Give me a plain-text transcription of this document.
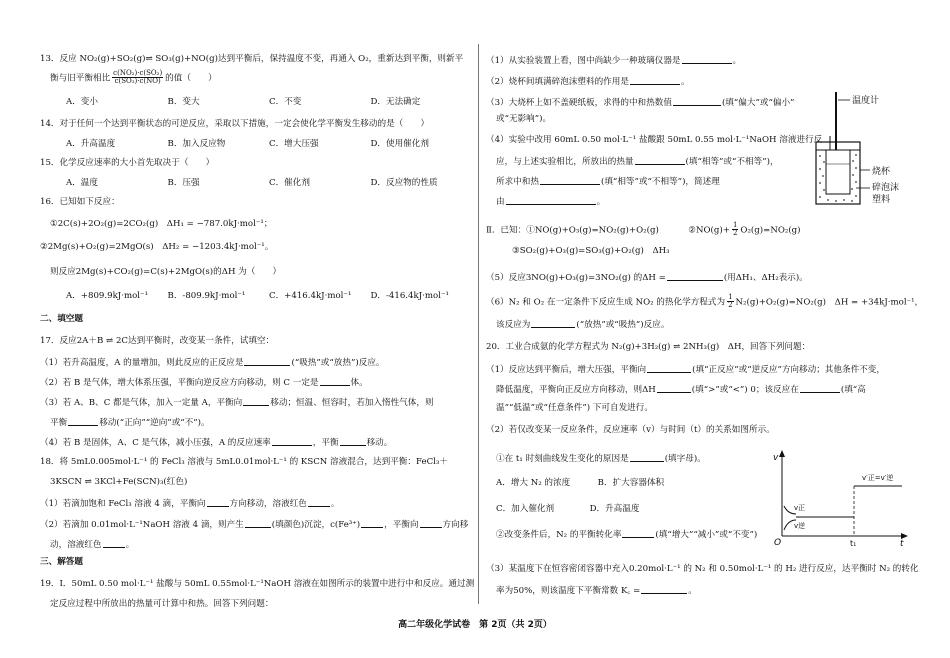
13．反应 NO₂(g)+SO₂(g)⇌ SO₃(g)+NO(g)达到平衡后，保持温度不变，再通入 O₂，重新达到平衡，则新平
衡与旧平衡相比 $\frac{\text{c(NO₂)·c(SO₂)}}{\text{c(SO₃)·c(NO)}}$ 的值（　　）
A．变小	B．变大	C．不变	D．无法确定
14．对于任何一个达到平衡状态的可逆反应，采取以下措施，一定会使化学平衡发生移动的是（　　）
A．升高温度	B．加入反应物	C．增大压强	D．使用催化剂
15．化学反应速率的大小首先取决于（　　）
A．温度	B．压强	C．催化剂	D．反应物的性质
16．已知如下反应：
①2C(s)+2O₂(g)=2CO₂(g)　ΔH₁ = −787.0kJ·mol⁻¹；
②2Mg(s)+O₂(g)=2MgO(s)　ΔH₂ = −1203.4kJ·mol⁻¹。
则反应2Mg(s)+CO₂(g)=C(s)+2MgO(s)的ΔH 为（　　）
A．+809.9kJ·mol⁻¹	B．-809.9kJ·mol⁻¹	C．+416.4kJ·mol⁻¹	D．-416.4kJ·mol⁻¹
二、填空题
17．反应2A＋B ⇌ 2C达到平衡时，改变某一条件，试填空：
（1）若升高温度，A 的量增加，则此反应的正反应是	(“吸热”或“放热”)反应。
（2）若 B 是气体，增大体系压强，平衡向逆反应方向移动，则 C 一定是	体。
（3）若 A、B、C 都是气体，加入一定量 A，平衡向	移动；恒温、恒容时，若加入惰性气体，则
平衡	移动(“正向”“逆向”或“不”)。
（4）若 B 是固体，A、C 是气体，减小压强，A 的反应速率	，平衡	移动。
18．将 5mL0.005mol·L⁻¹ 的 FeCl₃ 溶液与 5mL0.01mol·L⁻¹ 的 KSCN 溶液混合，达到平衡：FeCl₃＋
3KSCN ⇌ 3KCl+Fe(SCN)₃(红色)
（1）若滴加饱和 FeCl₃ 溶液 4 滴，平衡向	方向移动，溶液红色	。
（2）若滴加 0.01mol·L⁻¹NaOH 溶液 4 滴，则产生	(填颜色)沉淀，c(Fe³⁺)	，平衡向	方向移
动，溶液红色	。
三、解答题
19．I．50mL 0.50 mol·L⁻¹ 盐酸与 50mL 0.55mol·L⁻¹NaOH 溶液在如图所示的装置中进行中和反应。通过测
定反应过程中所放出的热量可计算中和热。回答下列问题：
（1）从实验装置上看，图中尚缺少一种玻璃仪器是	。
（2）烧杯间填满碎泡沫塑料的作用是	。
（3）大烧杯上如不盖硬纸板，求得的中和热数值	(填“偏大”或“偏小”
或“无影响”)。
（4）实验中改用 60mL 0.50 mol·L⁻¹ 盐酸跟 50mL 0.55 mol·L⁻¹NaOH 溶液进行反
应，与上述实验相比，所放出的热量	(填“相等”或“不相等”)，
所求中和热	(填“相等”或“不相等”)，简述理
由	。
温度计
烧杯
碎泡沫
塑料
Ⅱ．已知：①NO(g)+O₃(g)=NO₂(g)+O₂(g)	②NO(g)+ $\frac{1}{2} O_2(g)=NO_2(g)$
③SO₂(g)+O₃(g)=SO₃(g)+O₂(g)　ΔH₃
（5）反应3NO(g)+O₃(g)=3NO₂(g) 的ΔH =	(用ΔH₁、ΔH₂表示)。
（6）N₂ 和 O₂ 在一定条件下反应生成 NO₂ 的热化学方程式为 $\frac{1}{2} N_2(g)+O_2(g)=NO_2(g)$　ΔH = +34kJ·mol⁻¹，
该反应为	(“放热”或“吸热”)反应。
20．工业合成氨的化学方程式为 N₂(g)+3H₂(g) ⇌ 2NH₃(g)　ΔH，回答下列问题：
（1）反应达到平衡后，增大压强，平衡向	(填“正反应”或“逆反应”方向移动；其他条件不变，
降低温度，平衡向正反应方向移动，则ΔH	(填“>”或“<”) 0；该反应在	(填“高
温”“低温”或“任意条件”) 下可自发进行。
（2）若仅改变某一反应条件，反应速率（v）与时间（t）的关系如图所示。
①在 t₁ 时刻曲线发生变化的原因是	(填字母)。
A．增大 N₂ 的浓度	B．扩大容器体积
C．加入催化剂	D．升高温度
②改变条件后，N₂ 的平衡转化率	(填“增大”“减小”或“不变”)
v
t
O	t₁
v正
v逆
v′正=v′逆
（3）某温度下在恒容密闭容器中充入0.20mol·L⁻¹ 的 N₂ 和 0.50mol·L⁻¹ 的 H₂ 进行反应，达平衡时 N₂ 的转化
率为50%，则该温度下平衡常数 K꜀ =	。
高二年级化学试卷　第 2页（共 2页）
